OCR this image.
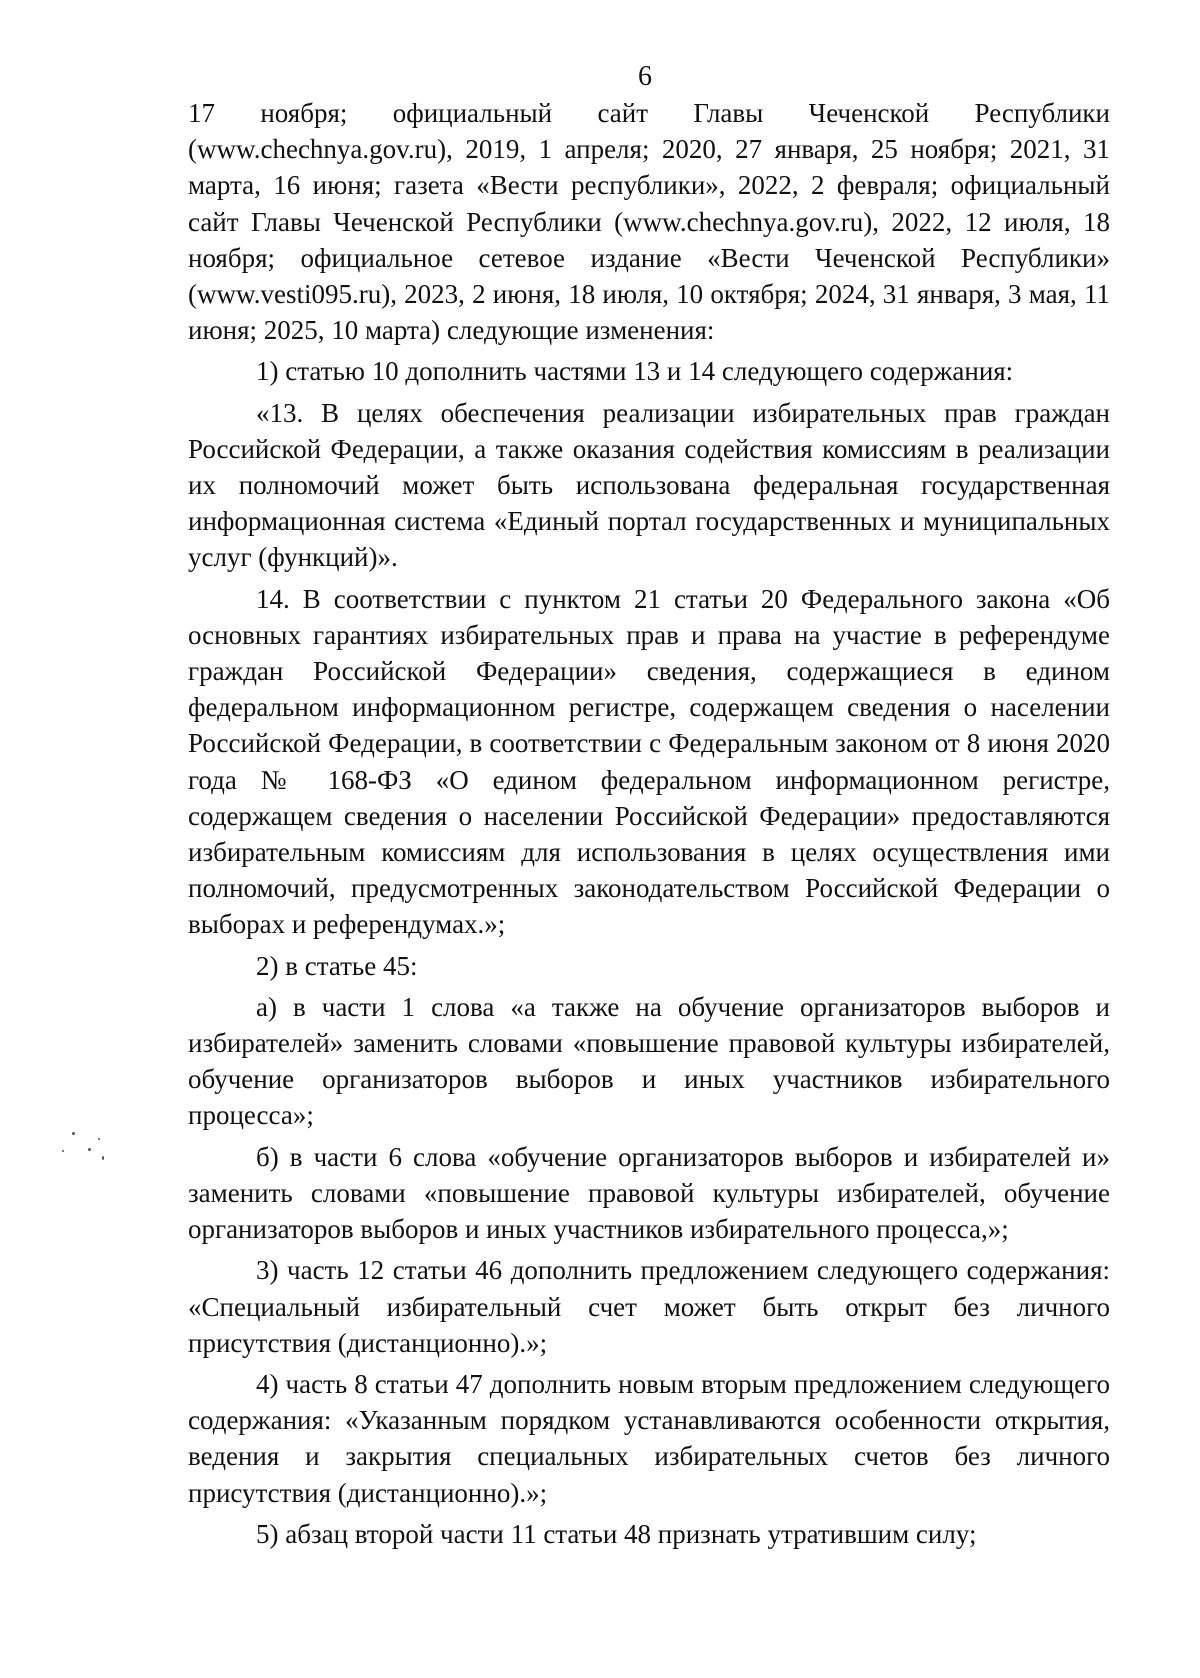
6

17 ноября; официальный сайт Главы Чеченской Республики (www.chechnya.gov.ru), 2019, 1 апреля; 2020, 27 января, 25 ноября; 2021, 31 марта, 16 июня; газета «Вести республики», 2022, 2 февраля; официальный сайт Главы Чеченской Республики (www.chechnya.gov.ru), 2022, 12 июля, 18 ноября; официальное сетевое издание «Вести Чеченской Республики» (www.vesti095.ru), 2023, 2 июня, 18 июля, 10 октября; 2024, 31 января, 3 мая, 11 июня; 2025, 10 марта) следующие изменения:

1) статью 10 дополнить частями 13 и 14 следующего содержания:

«13. В целях обеспечения реализации избирательных прав граждан Российской Федерации, а также оказания содействия комиссиям в реализации их полномочий может быть использована федеральная государственная информационная система «Единый портал государственных и муниципальных услуг (функций)».

14. В соответствии с пунктом 21 статьи 20 Федерального закона «Об основных гарантиях избирательных прав и права на участие в референдуме граждан Российской Федерации» сведения, содержащиеся в едином федеральном информационном регистре, содержащем сведения о населении Российской Федерации, в соответствии с Федеральным законом от 8 июня 2020 года № 168-ФЗ «О едином федеральном информационном регистре, содержащем сведения о населении Российской Федерации» предоставляются избирательным комиссиям для использования в целях осуществления ими полномочий, предусмотренных законодательством Российской Федерации о выборах и референдумах.»;

2) в статье 45:

а) в части 1 слова «а также на обучение организаторов выборов и избирателей» заменить словами «повышение правовой культуры избирателей, обучение организаторов выборов и иных участников избирательного процесса»;

б) в части 6 слова «обучение организаторов выборов и избирателей и» заменить словами «повышение правовой культуры избирателей, обучение организаторов выборов и иных участников избирательного процесса,»;

3) часть 12 статьи 46 дополнить предложением следующего содержания: «Специальный избирательный счет может быть открыт без личного присутствия (дистанционно).»;

4) часть 8 статьи 47 дополнить новым вторым предложением следующего содержания: «Указанным порядком устанавливаются особенности открытия, ведения и закрытия специальных избирательных счетов без личного присутствия (дистанционно).»;

5) абзац второй части 11 статьи 48 признать утратившим силу;
